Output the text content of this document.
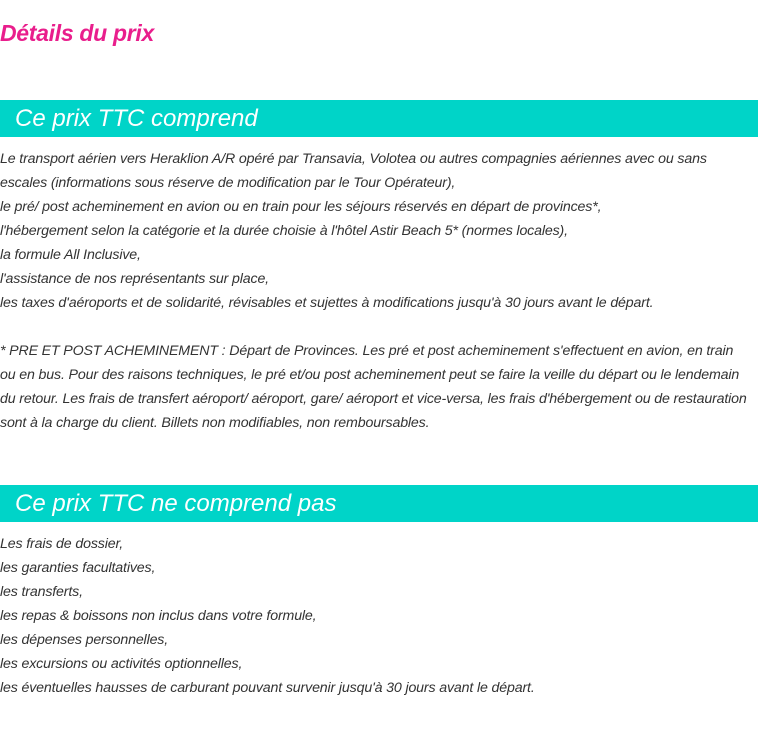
Détails du prix
Ce prix TTC comprend
Le transport aérien vers Heraklion A/R opéré par Transavia, Volotea ou autres compagnies aériennes avec ou sans
escales (informations sous réserve de modification par le Tour Opérateur),
le pré/ post acheminement en avion ou en train pour les séjours réservés en départ de provinces*,
l'hébergement selon la catégorie et la durée choisie à l'hôtel Astir Beach 5* (normes locales),
la formule All Inclusive,
l'assistance de nos représentants sur place,
les taxes d'aéroports et de solidarité, révisables et sujettes à modifications jusqu'à 30 jours avant le départ.
* PRE ET POST ACHEMINEMENT : Départ de Provinces. Les pré et post acheminement s'effectuent en avion, en train ou en bus. Pour des raisons techniques, le pré et/ou post acheminement peut se faire la veille du départ ou le lendemain du retour. Les frais de transfert aéroport/ aéroport, gare/ aéroport et vice-versa, les frais d'hébergement ou de restauration sont à la charge du client. Billets non modifiables, non remboursables.
Ce prix TTC ne comprend pas
Les frais de dossier,
les garanties facultatives,
les transferts,
les repas & boissons non inclus dans votre formule,
les dépenses personnelles,
les excursions ou activités optionnelles,
les éventuelles hausses de carburant pouvant survenir jusqu'à 30 jours avant le départ.
